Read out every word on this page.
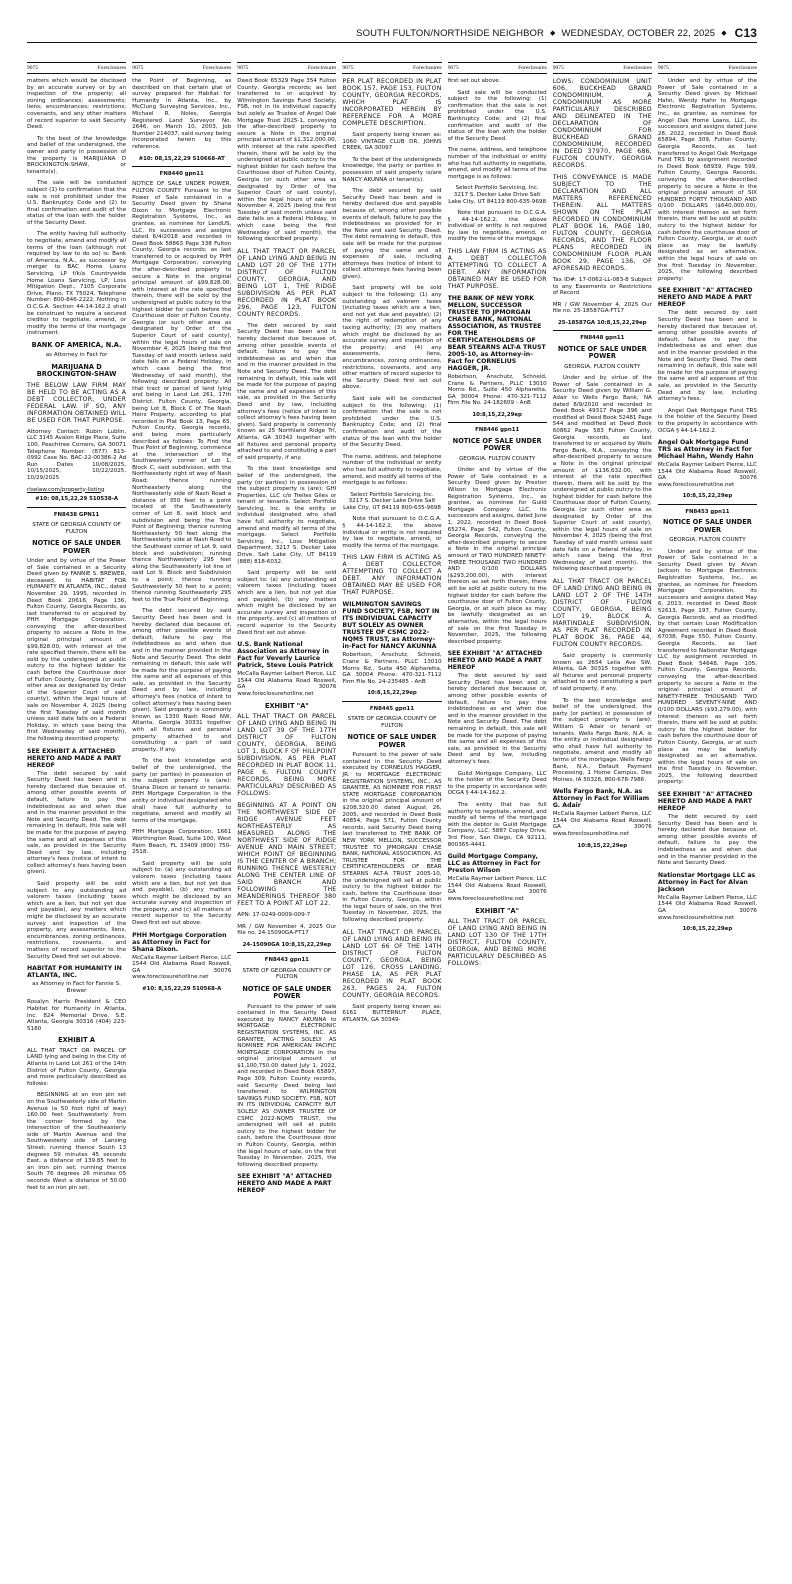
SOUTH FULTON/NORTHSIDE NEIGHBOR ◆ WEDNESDAY, OCTOBER 22, 2025 ◆ C13
9075	Foreclosures
matters which would be disclosed by an accurate survey or by an inspection of the property; all zoning ordinances; assessments; liens; encumbrances; restrictions; covenants, and any other matters of record superior to said Security Deed.
To the best of the knowledge and belief of the undersigned, the owner and party in possession of the property is MARIJUANA D BROCKINGTON-SHAW, or tenants(s).
The sale will be conducted subject (1) to confirmation that the sale is not prohibited under the U.S. Bankruptcy Code and (2) to final confirmation and audit of the status of the loan with the holder of the Security Deed.
The entity having full authority to negotiate, amend and modify all terms of the loan (although not required by law to do so) is: Bank of America, N.A., as successor by merger to BAC Home Loans Servicing, LP f/k/a Countrywide Home Loans Servicing, LP, Loss Mitigation Dept., 7105 Corporate Drive, Plano, TX 75024, Telephone Number: 800-846-2222. Nothing in O.C.G.A. Section 44-14-162.2 shall be construed to require a secured creditor to negotiate, amend, or modify the terms of the mortgage instrument.
BANK OF AMERICA, N.A.
as Attorney in Fact for
MARIJUANA D BROCKINGTON-SHAW
THE BELOW LAW FIRM MAY BE HELD TO BE ACTING AS A DEBT COLLECTOR, UNDER FEDERAL LAW. IF SO, ANY INFORMATION OBTAINED WILL BE USED FOR THAT PURPOSE.
Attorney Contact: Rubin Lublin, LLC 3145 Avalon Ridge Place, Suite 100, Peachtree Corners, GA 30071 Telephone Number: (877) 813-0992 Case No. BAC-22-00386-2 Ad Run Dates 10/08/2025, 10/15/2025, 10/22/2025, 10/29/2025
rlselaw.com/property-listing
#10: 08,15,22,29 510538-A
FN8438 GPN11
STATE OF GEORGIA COUNTY OF FULTON
NOTICE OF SALE UNDER POWER
Under and by virtue of the Power of Sale contained in a Security Deed given by FANNIE S. BREWER, deceased, to HABITAT FOR HUMANITY IN ATLANTA, INC., dated November 29, 1995, recorded in Deed Book 20616, Page 136, Fulton County, Georgia Records, as last transferred to or acquired by PHH Mortgage Corporation, conveying the after-described property to secure a Note in the original principal amount of $99,828.00, with interest at the rate specified therein, there will be sold by the undersigned at public outcry to the highest bidder for cash before the Courthouse door of Fulton County, Georgia (or such other area as designated by Order of the Superior Court of said county), within the legal hours of sale on November 4, 2025 (being the first Tuesday of said month unless said date falls on a Federal Holiday, in which case being the first Wednesday of said month), the following described property:
SEE EXHIBIT A ATTACHED HERETO AND MADE A PART HEREOF
The debt secured by said Security Deed has been and is hereby declared due because of, among other possible events of default, failure to pay the indebtedness as and when due and in the manner provided in the Note and Security Deed. The debt remaining in default, this sale will be made for the purpose of paying the same and all expenses of this sale, as provided in the Security Deed and by law, including attorney's fees (notice of intent to collect attorney's fees having been given).
Said property will be sold subject to any outstanding ad valorem taxes (including taxes which are a lien, but not yet due and payable), any matters which might be disclosed by an accurate survey and inspection of the property, any assessments, liens, encumbrances, zoning ordinances, restrictions, covenants, and matters of record superior to the Security Deed first set out above.
HABITAT FOR HUMANITY IN ATLANTA, INC.
as Attorney in Fact for Fannie S. Brewer
Rosalyn Harris President & CEO Habitat for Humanity in Atlanta, Inc. 824 Memorial Drive, S.E. Atlanta, Georgia 30316 (404) 223-5180
EXHIBIT A
ALL THAT TRACT OR PARCEL OF LAND lying and being in the City of Atlanta in Land Lot 261 of the 14th District of Fulton County, Georgia and more particularly described as follows:
BEGINNING at an iron pin set on the Southeasterly side of Martin Avenue (a 50 foot right of way) 160.00 feet Southwesterly from the corner formed by the intersection of the Southeasterly side of Martin Avenue and the Southwesterly side of Lansing Street; running thence South 13 degrees 59 minutes 45 seconds East, a distance of 139.85 feet to an iron pin set; running thence South 76 degrees 26 minutes 05 seconds West a distance of 50.00 feet to an iron pin set.
9075	Foreclosures
the Point of Beginning, as described on that certain plat of survey prepared for Habitat for Humanity in Atlanta, Inc., by McClung Surveying Services, Inc., Michael R. Noles, Georgia Registered Land Surveyor No. 2646, on March 10, 2003, Job Number 214037, said survey being incorporated herein by this reference.
#10: 08,15,22,29 510668-AT
FN8440 gpn11
NOTICE OF SALE UNDER POWER, FULTON COUNTY Pursuant to the Power of Sale contained in a Security Deed given by Shana Dixon to Mortgage Electronic Registration Systems, Inc., as grantee, as nominee for LendUS, LLC, its successors and assigns dated 6/4/2018 and recorded in Deed Book 58863 Page 338 Fulton County, Georgia records; as last transferred to or acquired by PHH Mortgage Corporation, conveying the after-described property to secure a Note in the original principal amount of $99,828.00, with interest at the rate specified therein, there will be sold by the undersigned at public outcry to the highest bidder for cash before the Courthouse door of Fulton County, Georgia (or such other area as designated by Order of the Superior Court of said county), within the legal hours of sale on November 4, 2025 (being the first Tuesday of said month unless said date falls on a Federal Holiday, in which case being the first Wednesday of said month), the following described property: All that tract or parcel of land lying and being in Land Lot 261, 17th District, Fulton County, Georgia, being Lot 8, Block C of The Nash Heirs Property, according to plat recorded in Plat Book 13, Page 65, Fulton County, Georgia records, and being more particularly described as follows: To Find the True Point of Beginning, commence at the intersection of the Southwesterly corner of Lot 1, Block C, said subdivision, with the Northwesterly right of way of Nash Road; thence running Northeasterly along the Northwesterly side of Nash Road a distance of 350 feet to a point located at the Southwesterly corner of Lot 8, said block and subdivision and being the True Point of Beginning; thence running Northeasterly 50 feet along the Northwesterly side at Nash Road to the Southeast corner of Lot 9, said block and subdivision; running thence Northwesterly 295 feet along the Southwesterly lot line of said Lot 9, Block and Subdivision to a point; thence running Southwesterly 50 feet to a point; thence running Southeasterly 295 feet to the True Point of Beginning.
The debt secured by said Security Deed has been and is hereby declared due because of, among other possible events of default, failure to pay the indebtedness as and when due and in the manner provided in the Note and Security Deed. The debt remaining in default, this sale will be made for the purpose of paying the same and all expenses of this sale, as provided in the Security Deed and by law, including attorney's fees (notice of intent to collect attorney's fees having been given). Said property is commonly known as 1330 Nash Road NW, Atlanta, Georgia 30331 together with all fixtures and personal property attached to and constituting a part of said property, if any.
To the best knowledge and belief of the undersigned, the party (or parties) in possession of the subject property is (are): Shana Dixon or tenant or tenants. PHH Mortgage Corporation is the entity or individual designated who shall have full authority to negotiate, amend and modify all terms of the mortgage.
PHH Mortgage Corporation, 1661 Worthington Road, Suite 100, West Palm Beach, FL 33409 (800) 750-2518.
Said property will be sold subject to: (a) any outstanding ad valorem taxes (including taxes which are a lien, but not yet due and payable), (b) any matters which might be disclosed by an accurate survey and inspection of the property, and (c) all matters of record superior to the Security Deed first set out above.
PHH Mortgage Corporation as Attorney in Fact for Shana Dixon.
McCalla Raymer Leibert Pierce, LLC 1544 Old Alabama Road Roswell, GA 30076 www.foreclosurehotline.net
#10: 8,15,22,29 510568-A
9075	Foreclosures
Deed Book 65329 Page 354 Fulton County, Georgia records; as last transferred to or acquired by Wilmington Savings Fund Society, FSB, not in its individual capacity but solely as Trustee of Angel Oak Mortgage Trust 2025-1, conveying the after-described property to secure a Note in the original principal amount of $1,312,000.00, with interest at the rate specified therein, there will be sold by the undersigned at public outcry to the highest bidder for cash before the Courthouse door of Fulton County, Georgia (or such other area as designated by Order of the Superior Court of said county), within the legal hours of sale on November 4, 2025 (being the first Tuesday of said month unless said date falls on a Federal Holiday, in which case being the first Wednesday of said month), the following described property:
ALL THAT TRACT OR PARCEL OF LAND LYING AND BEING IN LAND LOT 20 OF THE 17TH DISTRICT OF FULTON COUNTY, GEORGIA, AND BEING LOT 1, THE RIDGE SUBDIVISION AS PER PLAT RECORDED IN PLAT BOOK 296, PAGE 123, FULTON COUNTY RECORDS.
The debt secured by said Security Deed has been and is hereby declared due because of, among other possible events of default, failure to pay the indebtedness as and when due and in the manner provided in the Note and Security Deed. The debt remaining in default, this sale will be made for the purpose of paying the same and all expenses of this sale, as provided in the Security Deed and by law, including attorney's fees (notice of intent to collect attorney's fees having been given). Said property is commonly known as 25 Northland Ridge Trl, Atlanta, GA 30342 together with all fixtures and personal property attached to and constituting a part of said property, if any.
To the best knowledge and belief of the undersigned, the party (or parties) in possession of the subject property is (are): GHI Properties, LLC c/o Trelles Giles or tenant or tenants. Select Portfolio Servicing, Inc. is the entity or individual designated who shall have full authority to negotiate, amend and modify all terms of the mortgage. Select Portfolio Servicing, Inc., Loss Mitigation Department, 3217 S. Decker Lake Drive, Salt Lake City, UT 84119 (888) 818-6032.
Said property will be sold subject to: (a) any outstanding ad valorem taxes (including taxes which are a lien, but not yet due and payable), (b) any matters which might be disclosed by an accurate survey and inspection of the property, and (c) all matters of record superior to the Security Deed first set out above.
U.S. Bank National Association as Attorney in Fact for Veverly Laurice Patrick, Steve Louis Patrick
McCalla Raymer Leibert Pierce, LLC 1544 Old Alabama Road Roswell, GA 30076 www.foreclosurehotline.net
EXHIBIT "A"
ALL THAT TRACT OR PARCEL OF LAND LYING AND BEING IN LAND LOT 39 OF THE 17TH DISTRICT OF FULTON COUNTY, GEORGIA, BEING LOT 1, BLOCK F OF HILLPOINT SUBDIVISION, AS PER PLAT RECORDED IN PLAT BOOK 11, PAGE 6, FULTON COUNTY RECORDS, BEING MORE PARTICULARLY DESCRIBED AS FOLLOWS:
BEGINNING AT A POINT ON THE NORTHWEST SIDE OF RIDGE AVENUE FEET NORTHEASTERLY AS MEASURED ALONG THE NORTHWEST SIDE OF RIDGE AVENUE AND MAIN STREET; WHICH POINT OF BEGINNING IS THE CENTER OF A BRANCH; RUNNING THENCE WESTERLY ALONG THE CENTER LINE OF SAID BRANCH AND FOLLOWING THE MEANDERINGS THEREOF 380 FEET TO A POINT AT LOT 22.
APN: 17-0249-0009-009-7
MR / GW November 4, 2025 Our file no. 24-15090GA-FT17
24-15090GA 10:8,15,22,29ep
FN8443 gpn11
STATE OF GEORGIA COUNTY OF FULTON
NOTICE OF SALE UNDER POWER
Pursuant to the power of sale contained in the Security Deed executed by NANCY AKUNNA to MORTGAGE ELECTRONIC REGISTRATION SYSTEMS, INC. AS GRANTEE, ACTING SOLELY AS NOMINEE FOR AMERICAN PACIFIC MORTGAGE CORPORATION in the original principal amount of $1,100,750.00 dated July 1, 2022, and recorded in Deed Book 65897, Page 309, Fulton County records, said Security Deed being last transferred to WILMINGTON SAVINGS FUND SOCIETY, FSB, NOT IN ITS INDIVIDUAL CAPACITY BUT SOLELY AS OWNER TRUSTEE OF CSMC 2022-NQM5 TRUST, the undersigned will sell at public outcry to the highest bidder for cash, before the Courthouse door in Fulton County, Georgia, within the legal hours of sale, on the first Tuesday in November, 2025, the following described property:
SEE EXHIBIT "A" ATTACHED HERETO AND MADE A PART HEREOF
9075	Foreclosures
PER PLAT RECORDED IN PLAT BOOK 157, PAGE 153, FULTON COUNTY, GEORGIA RECORDS, WHICH PLAT IS INCORPORATED HEREIN BY REFERENCE FOR A MORE COMPLETE DESCRIPTION.
Said property being known as: 1060 VINTAGE CLUB DR, JOHNS CREEK, GA 30097
To the best of the undersigneds knowledge, the party or parties in possession of said property is/are NANCY AKUNNA or tenant(s).
The debt secured by said Security Deed has been and is hereby declared due and payable because of, among other possible events of default, failure to pay the indebtedness as provided for in the Note and said Security Deed. The debt remaining in default, this sale will be made for the purpose of paying the same and all expenses of sale, including attorneys fees (notice of intent to collect attorneys fees having been given).
Said property will be sold subject to the following: (1) any outstanding ad valorem taxes (including taxes which are a lien, and not yet due and payable); (2) the right of redemption of any taxing authority; (3) any matters which might be disclosed by an accurate survey and inspection of the property; and (4) any assessments, liens, encumbrances, zoning ordinances, restrictions, covenants, and any other matters of record superior to the Security Deed first set out above.
Said sale will be conducted subject to the following: (1) confirmation that the sale is not prohibited under the U.S. Bankruptcy Code; and (2) final confirmation and audit of the status of the loan with the holder of the Security Deed.
The name, address, and telephone number of the individual or entity who has full authority to negotiate, amend, and modify all terms of the mortgage is as follows:
Select Portfolio Servicing, Inc. 3217 S. Decker Lake Drive Salt Lake City, UT 84119 800-635-9698
Note that pursuant to O.C.G.A. § 44-14-162.2, the above individual or entity is not required by law to negotiate, amend, or modify the terms of the mortgage.
THIS LAW FIRM IS ACTING AS A DEBT COLLECTOR ATTEMPTING TO COLLECT A DEBT. ANY INFORMATION OBTAINED MAY BE USED FOR THAT PURPOSE.
WILMINGTON SAVINGS FUND SOCIETY, FSB, NOT IN ITS INDIVIDUAL CAPACITY BUT SOLELY AS OWNER TRUSTEE OF CSMC 2022-NQM5 TRUST, as Attorney-in-Fact for NANCY AKUNNA
Robertson, Anschutz, Schneid, Crane & Partners, PLLC 13010 Morris Rd., Suite 450 Alpharetta, GA 30004 Phone: 470-321-7112 Firm File No. 24-235485 - AnB
10:8,15,22,29ep
FN8445 gpn11
STATE OF GEORGIA COUNTY OF FULTON
NOTICE OF SALE UNDER POWER
Pursuant to the power of sale contained in the Security Deed executed by CORNELIUS HAGGER, JR. to MORTGAGE ELECTRONIC REGISTRATION SYSTEMS, INC., AS GRANTEE, AS NOMINEE FOR FIRST STATE MORTGAGE CORPORATION in the original principal amount of $208,320.00 dated August 26, 2005, and recorded in Deed Book 40854, Page 571, Fulton County records, said Security Deed being last transferred to THE BANK OF NEW YORK MELLON, SUCCESSOR TRUSTEE TO JPMORGAN CHASE BANK, NATIONAL ASSOCIATION, AS TRUSTEE FOR THE CERTIFICATEHOLDERS OF BEAR STEARNS ALT-A TRUST 2005-10, the undersigned will sell at public outcry to the highest bidder for cash, before the Courthouse door in Fulton County, Georgia, within the legal hours of sale, on the first Tuesday in November, 2025, the following described property:
ALL THAT TRACT OR PARCEL OF LAND LYING AND BEING IN LAND LOT 66 OF THE 14TH DISTRICT OF FULTON COUNTY, GEORGIA, BEING LOT 126, CROSS LANDING, PHASE 1A, AS PER PLAT RECORDED IN PLAT BOOK 263, PAGES 24, FULTON COUNTY, GEORGIA RECORDS.
Said property being known as: 6161 BUTTERNUT PLACE, ATLANTA, GA 30349-
9075	Foreclosures
first set out above.
Said sale will be conducted subject to the following: (1) confirmation that the sale is not prohibited under the U.S. Bankruptcy Code; and (2) final confirmation and audit of the status of the loan with the holder of the Security Deed.
The name, address, and telephone number of the individual or entity who has full authority to negotiate, amend, and modify all terms of the mortgage is as follows:
Select Portfolio Servicing, Inc. 3217 S. Decker Lake Drive Salt Lake City, UT 84119 800-635-9698
Note that pursuant to O.C.G.A. § 44-14-162.2, the above individual or entity is not required by law to negotiate, amend, or modify the terms of the mortgage.
THIS LAW FIRM IS ACTING AS A DEBT COLLECTOR ATTEMPTING TO COLLECT A DEBT. ANY INFORMATION OBTAINED MAY BE USED FOR THAT PURPOSE.
THE BANK OF NEW YORK MELLON, SUCCESSOR TRUSTEE TO JPMORGAN CHASE BANK, NATIONAL ASSOCIATION, AS TRUSTEE FOR THE CERTIFICATEHOLDERS OF BEAR STEARNS ALT-A TRUST 2005-10, as Attorney-in-Fact for CORNELIUS HAGGER, JR.
Robertson, Anschutz, Schneid, Crane & Partners, PLLC 13010 Morris Rd., Suite 450 Alpharetta, GA 30004 Phone: 470-321-7112 Firm File No. 24-182609 - AnB
10:8,15,22,29ep
FN8446 gpn11
NOTICE OF SALE UNDER POWER
GEORGIA, FULTON COUNTY
Under and by virtue of the Power of Sale contained in a Security Deed given by Preston Wilson to Mortgage Electronic Registration Systems, Inc., as grantee, as nominee for Guild Mortgage Company LLC, its successors and assigns, dated June 1, 2022, recorded in Deed Book 65274, Page 542, Fulton County, Georgia Records, conveying the after-described property to secure a Note in the original principal amount of TWO HUNDRED NINETY-THREE THOUSAND TWO HUNDRED AND 0/100 DOLLARS ($293,200.00), with interest thereon as set forth therein, there will be sold at public outcry to the highest bidder for cash before the courthouse door of Fulton County, Georgia, or at such place as may be lawfully designated as an alternative, within the legal hours of sale on the first Tuesday in November, 2025, the following described property:
SEE EXHIBIT "A" ATTACHED HERETO AND MADE A PART HEREOF
The debt secured by said Security Deed has been and is hereby declared due because of, among other possible events of default, failure to pay the indebtedness as and when due and in the manner provided in the Note and Security Deed. The debt remaining in default, this sale will be made for the purpose of paying the same and all expenses of this sale, as provided in the Security Deed and by law, including attorney's fees.
Guild Mortgage Company, LLC is the holder of the Security Deed to the property in accordance with OCGA § 44-14-162.2.
The entity that has full authority to negotiate, amend, and modify all terms of the mortgage with the debtor is: Guild Mortgage Company, LLC, 5887 Copley Drive, 3rd Floor, San Diego, CA 92111, 800365-4441.
Guild Mortgage Company, LLC as Attorney in Fact for Preston Wilson
McCalla Raymer Leibert Pierce, LLC 1544 Old Alabama Road Roswell, GA 30076 www.foreclosurehotline.net
EXHIBIT "A"
ALL THAT TRACT OR PARCEL OF LAND LYING AND BEING IN LAND LOT 130 OF THE 17TH DISTRICT, FULTON COUNTY, GEORGIA, AND BEING MORE PARTICULARLY DESCRIBED AS FOLLOWS:
9075	Foreclosures
LOWS: CONDOMINIUM UNIT 606, BUCKHEAD GRAND CONDOMINIUM, A CONDOMINIUM AS MORE PARTICULARLY DESCRIBED AND DELINEATED IN THE DECLARATION OF CONDOMINIUM FOR BUCKHEAD GRAND CONDOMINIUM, RECORDED IN DEED 37970, PAGE 686, FULTON COUNTY, GEORGIA RECORDS.
THIS CONVEYANCE IS MADE SUBJECT TO THE DECLARATION AND ALL MATTERS REFERENCED THEREIN. ALL MATTERS SHOWN ON THE PLAT RECORDED IN CONDOMINIUM PLAT BOOK 16, PAGE 180, FULTON COUNTY, GEORGIA RECORDS, AND THE FLOOR PLANS RECORDED IN CONDOMINIUM FLOOR PLAN BOOK 29, PAGE 136, OF AFORESAID RECORDS.
Tax ID#: 17-0062-LL-083-8 Subject to any Easements or Restrictions of Record
MR / GW November 4, 2025 Our file no. 25-18587GA-FT17
25-18587GA 10:8,15,22,29ep
FN8448 gpn11
NOTICE OF SALE UNDER POWER
GEORGIA, FULTON COUNTY
Under and by virtue of the Power of Sale contained in a Security Deed given by William G. Adair to Wells Fargo Bank, NA dated 8/9/2010 and recorded in Deed Book 49317 Page 396 and modified at Deed Book 52481 Page 544 and modified at Deed Book 60862 Page 583 Fulton County, Georgia records, as last transferred to or acquired by Wells Fargo Bank, N.A., conveying the after-described property to secure a Note in the original principal amount of $136,632.00, with interest at the rate specified therein, there will be sold by the undersigned at public outcry to the highest bidder for cash before the Courthouse door of Fulton County, Georgia (or such other area as designated by Order of the Superior Court of said county), within the legal hours of sale on November 4, 2025 (being the first Tuesday of said month unless said date falls on a Federal Holiday, in which case being the first Wednesday of said month), the following described property:
ALL THAT TRACT OR PARCEL OF LAND LYING AND BEING IN LAND LOT 2 OF THE 14TH DISTRICT OF FULTON COUNTY, GEORGIA, BEING LOT 19, BLOCK A, MARTINDALE SUBDIVISION, AS PER PLAT RECORDED IN PLAT BOOK 36, PAGE 44, FULTON COUNTY RECORDS.
Said property is commonly known as 2654 Leila Ave SW, Atlanta, GA 30315 together with all fixtures and personal property attached to and constituting a part of said property, if any.
To the best knowledge and belief of the undersigned, the party (or parties) in possession of the subject property is (are): William G Adair or tenant or tenants. Wells Fargo Bank, N.A. is the entity or individual designated who shall have full authority to negotiate, amend and modify all terms of the mortgage. Wells Fargo Bank, N.A., Default Payment Processing, 1 Home Campus, Des Moines, IA 50328, 800-678-7986.
Wells Fargo Bank, N.A. as Attorney in Fact for William G. Adair
McCalla Raymer Leibert Pierce, LLC 1544 Old Alabama Road Roswell, GA 30076 www.foreclosurehotline.net
10:8,15,22,29ep
9075	Foreclosures
Under and by virtue of the Power of Sale contained in a Security Deed given by Michael Hahn, Wendy Hahn to Mortgage Electronic Registration Systems, Inc., as grantee, as nominee for Angel Oak Home Loans, LLC, its successors and assigns dated June 28, 2022, recorded in Deed Book 65894, Page 309, Fulton County, Georgia Records, as last transferred to Angel Oak Mortgage Fund TRS by assignment recorded in Deed Book 68939, Page 599, Fulton County, Georgia Records, conveying the after-described property to secure a Note in the original principal amount of SIX HUNDRED FORTY THOUSAND AND 0/100 DOLLARS ($640,000.00), with interest thereon as set forth therein, there will be sold at public outcry to the highest bidder for cash before the courthouse door of Fulton County, Georgia, or at such place as may be lawfully designated as an alternative, within the legal hours of sale on the first Tuesday in November, 2025, the following described property:
SEE EXHIBIT "A" ATTACHED HERETO AND MADE A PART HEREOF
The debt secured by said Security Deed has been and is hereby declared due because of, among other possible events of default, failure to pay the indebtedness as and when due and in the manner provided in the Note and Security Deed. The debt remaining in default, this sale will be made for the purpose of paying the same and all expenses of this sale, as provided in the Security Deed and by law, including attorney's fees.
Angel Oak Mortgage Fund TRS is the holder of the Security Deed to the property in accordance with OCGA § 44-14-162.2.
Angel Oak Mortgage Fund TRS as Attorney in Fact for Michael Hahn, Wendy Hahn
McCalla Raymer Leibert Pierce, LLC 1544 Old Alabama Road Roswell, GA 30076 www.foreclosurehotline.net
10:8,15,22,29ep
FN8453 gpn11
NOTICE OF SALE UNDER POWER
GEORGIA, FULTON COUNTY
Under and by virtue of the Power of Sale contained in a Security Deed given by Alvan Jackson to Mortgage Electronic Registration Systems, Inc., as grantee, as nominee for Freedom Mortgage Corporation, its successors and assigns dated May 6, 2013, recorded in Deed Book 52613, Page 197, Fulton County, Georgia Records, and as modified by that certain Loan Modification Agreement recorded in Deed Book 67038, Page 550, Fulton County, Georgia Records, as last transferred to Nationstar Mortgage LLC by assignment recorded in Deed Book 54648, Page 105, Fulton County, Georgia Records, conveying the after-described property to secure a Note in the original principal amount of NINETY-THREE THOUSAND TWO HUNDRED SEVENTY-NINE AND 0/100 DOLLARS ($93,279.00), with interest thereon as set forth therein, there will be sold at public outcry to the highest bidder for cash before the courthouse door of Fulton County, Georgia, or at such place as may be lawfully designated as an alternative, within the legal hours of sale on the first Tuesday in November, 2025, the following described property:
SEE EXHIBIT "A" ATTACHED HERETO AND MADE A PART HEREOF
The debt secured by said Security Deed has been and is hereby declared due because of, among other possible events of default, failure to pay the indebtedness as and when due and in the manner provided in the Note and Security Deed.
Nationstar Mortgage LLC as Attorney in Fact for Alvan Jackson
McCalla Raymer Leibert Pierce, LLC 1544 Old Alabama Road Roswell, GA 30076 www.foreclosurehotline.net
10:8,15,22,29ep
